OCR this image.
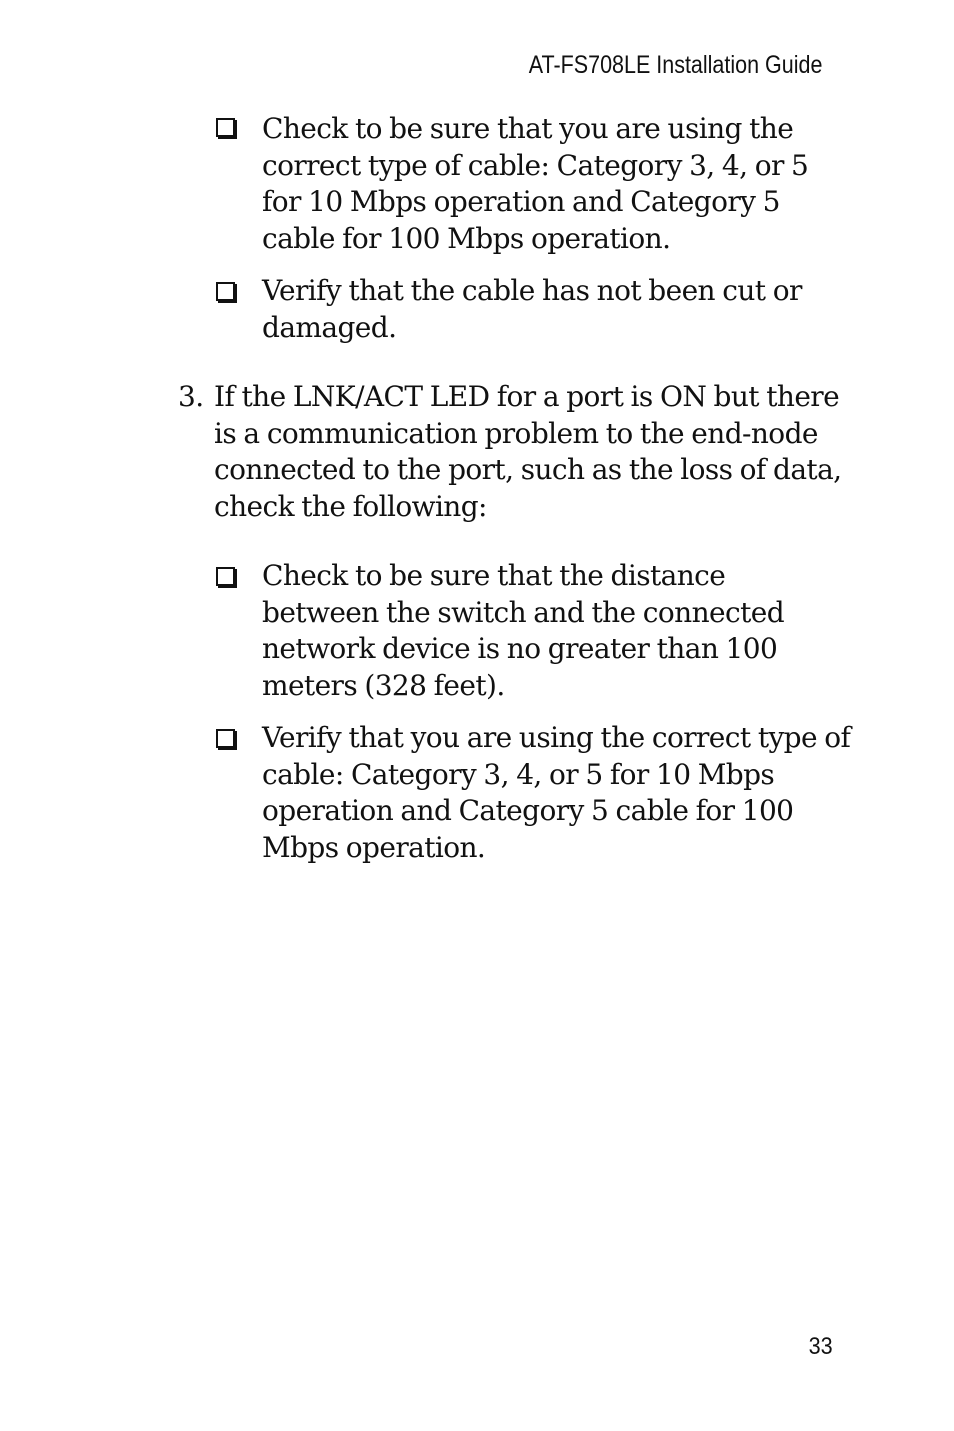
AT-FS708LE Installation Guide
Check to be sure that you are using the correct type of cable: Category 3, 4, or 5 for 10 Mbps operation and Category 5 cable for 100 Mbps operation.
Verify that the cable has not been cut or damaged.
3. If the LNK/ACT LED for a port is ON but there is a communication problem to the end-node connected to the port, such as the loss of data, check the following:
Check to be sure that the distance between the switch and the connected network device is no greater than 100 meters (328 feet).
Verify that you are using the correct type of cable: Category 3, 4, or 5 for 10 Mbps operation and Category 5 cable for 100 Mbps operation.
33
